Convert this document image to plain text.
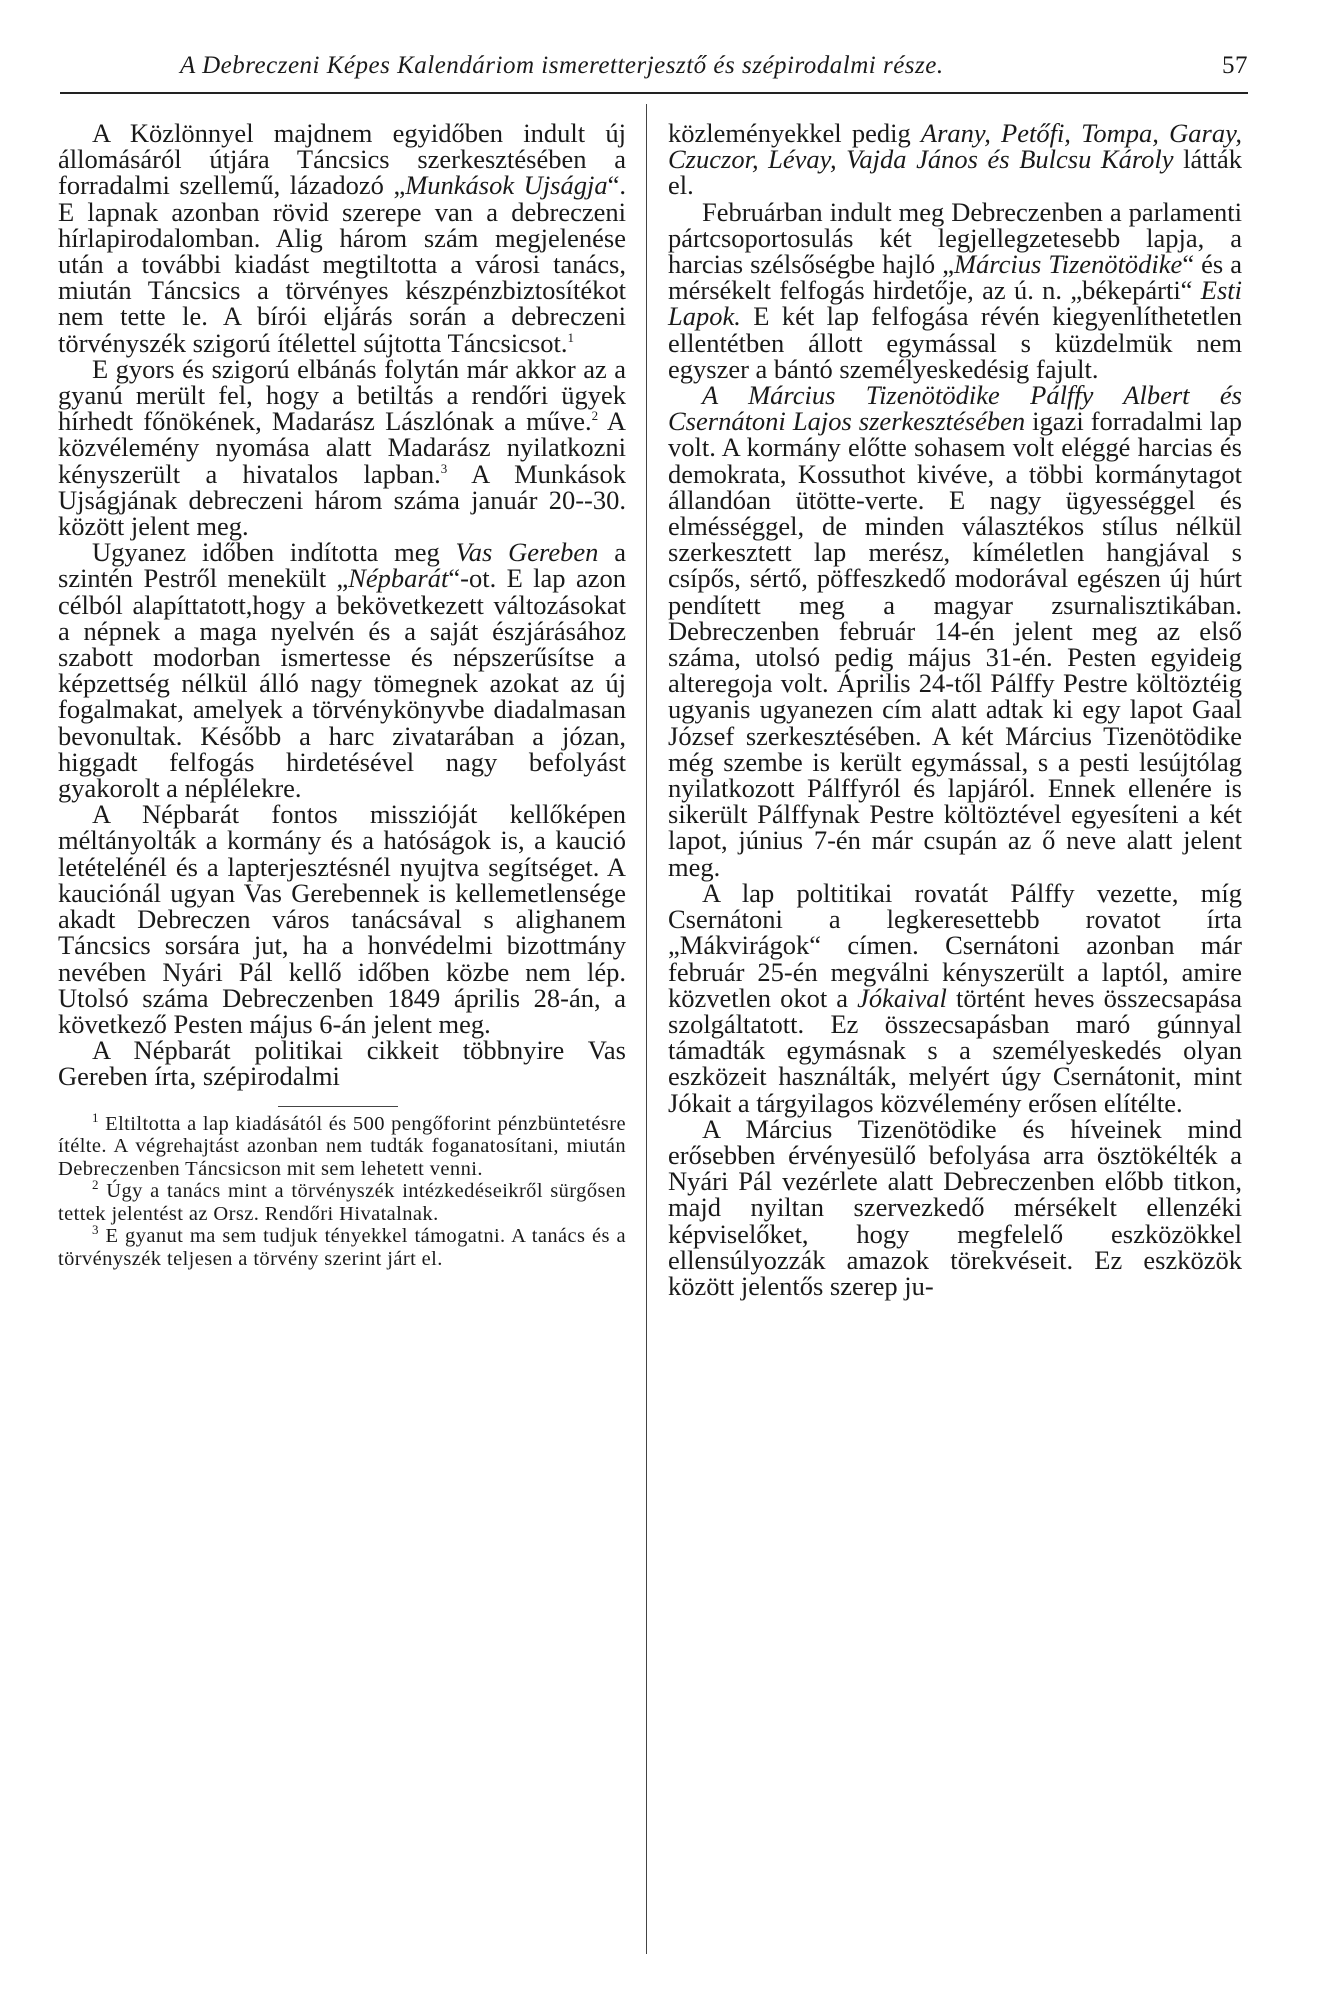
A Debreczeni Képes Kalendáriom ismeretterjesztő és szépirodalmi része.	57

A Közlönnyel majdnem egyidőben indult új állomásáról útjára Táncsics szerkesztésében a forradalmi szellemű, lázadozó „Munkások Ujságja“. E lapnak azonban rövid szerepe van a debreczeni hírlapirodalomban. Alig három szám megjelenése után a további kiadást megtiltotta a városi tanács, miután Táncsics a törvényes készpénzbiztosítékot nem tette le. A bírói eljárás során a debreczeni törvényszék szigorú ítélettel sújtotta Táncsicsot.$^1$

E gyors és szigorú elbánás folytán már akkor az a gyanú merült fel, hogy a betiltás a rendőri ügyek hírhedt főnökének, Madarász Lászlónak a műve.$^2$ A közvélemény nyomása alatt Madarász nyilatkozni kényszerült a hivatalos lapban.$^3$ A Munkások Ujságjának debreczeni három száma január 20--30. között jelent meg.

Ugyanez időben indította meg Vas Gereben a szintén Pestről menekült „Népbarát“-ot. E lap azon célból alapíttatott,hogy a bekövetkezett változásokat a népnek a maga nyelvén és a saját észjárásához szabott modorban ismertesse és népszerűsítse a képzettség nélkül álló nagy tömegnek azokat az új fogalmakat, amelyek a törvénykönyvbe diadalmasan bevonultak. Később a harc zivatarában a józan, higgadt felfogás hirdetésével nagy befolyást gyakorolt a néplélekre.

A Népbarát fontos misszióját kellőképen méltányolták a kormány és a hatóságok is, a kaució letételénél és a lapterjesztésnél nyujtva segítséget. A kauciónál ugyan Vas Gerebennek is kellemetlensége akadt Debreczen város tanácsával s alighanem Táncsics sorsára jut, ha a honvédelmi bizottmány nevében Nyári Pál kellő időben közbe nem lép. Utolsó száma Debreczenben 1849 április 28-án, a következő Pesten május 6-án jelent meg.

A Népbarát politikai cikkeit többnyire Vas Gereben írta, szépirodalmi

$^1$ Eltiltotta a lap kiadásától és 500 pengőforint pénzbüntetésre ítélte. A végrehajtást azonban nem tudták foganatosítani, miután Debreczenben Táncsicson mit sem lehetett venni.

$^2$ Úgy a tanács mint a törvényszék intézkedéseikről sürgősen tettek jelentést az Orsz. Rendőri Hivatalnak.

$^3$ E gyanut ma sem tudjuk tényekkel támogatni. A tanács és a törvényszék teljesen a törvény szerint járt el.

közleményekkel pedig Arany, Petőfi, Tompa, Garay, Czuczor, Lévay, Vajda János és Bulcsu Károly látták el.

Februárban indult meg Debreczenben a parlamenti pártcsoportosulás két legjellegzetesebb lapja, a harcias szélsőségbe hajló „Március Tizenötödike“ és a mérsékelt felfogás hirdetője, az ú. n. „békepárti“ Esti Lapok. E két lap felfogása révén kiegyenlíthetetlen ellentétben állott egymással s küzdelmük nem egyszer a bántó személyeskedésig fajult.

A Március Tizenötödike Pálffy Albert és Csernátoni Lajos szerkesztésében igazi forradalmi lap volt. A kormány előtte sohasem volt eléggé harcias és demokrata, Kossuthot kivéve, a többi kormánytagot állandóan ütötte-verte. E nagy ügyességgel és elmésséggel, de minden választékos stílus nélkül szerkesztett lap merész, kíméletlen hangjával s csípős, sértő, pöffeszkedő modorával egészen új húrt pendített meg a magyar zsurnalisztikában. Debreczenben február 14-én jelent meg az első száma, utolsó pedig május 31-én. Pesten egyideig alteregoja volt. Április 24-től Pálffy Pestre költöztéig ugyanis ugyanezen cím alatt adtak ki egy lapot Gaal József szerkesztésében. A két Március Tizenötödike még szembe is került egymással, s a pesti lesújtólag nyilatkozott Pálffyról és lapjáról. Ennek ellenére is sikerült Pálffynak Pestre költöztével egyesíteni a két lapot, június 7-én már csupán az ő neve alatt jelent meg.

A lap poltitikai rovatát Pálffy vezette, míg Csernátoni a legkeresettebb rovatot írta „Mákvirágok“ címen. Csernátoni azonban már február 25-én megválni kényszerült a laptól, amire közvetlen okot a Jókaival történt heves összecsapása szolgáltatott. Ez összecsapásban maró gúnnyal támadták egymásnak s a személyeskedés olyan eszközeit használták, melyért úgy Csernátonit, mint Jókait a tárgyilagos közvélemény erősen elítélte.

A Március Tizenötödike és híveinek mind erősebben érvényesülő befolyása arra ösztökélték a Nyári Pál vezérlete alatt Debreczenben előbb titkon, majd nyiltan szervezkedő mérsékelt ellenzéki képviselőket, hogy megfelelő eszközökkel ellensúlyozzák amazok törekvéseit. Ez eszközök között jelentős szerep ju-
